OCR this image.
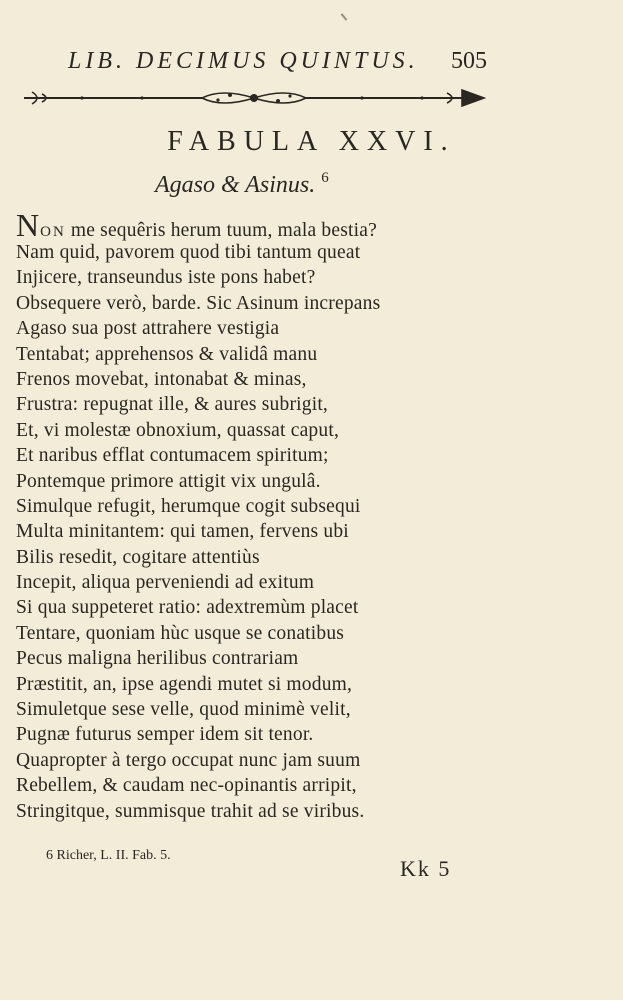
LIB. DECIMUS QUINTUS.	505
FABULA XXVI.
Agaso & Asinus. $^6$
NON me sequêris herum tuum, mala bestia?
Nam quid, pavorem quod tibi tantum queat
Injicere, transeundus iste pons habet?
Obsequere verò, barde. Sic Asinum increpans
Agaso sua post attrahere vestigia
Tentabat; apprehensos & validâ manu
Frenos movebat, intonabat & minas,
Frustra: repugnat ille, & aures subrigit,
Et, vi molestæ obnoxium, quassat caput,
Et naribus efflat contumacem spiritum;
Pontemque primore attigit vix ungulâ.
Simulque refugit, herumque cogit subsequi
Multa minitantem: qui tamen, fervens ubi
Bilis resedit, cogitare attentiùs
Incepit, aliqua perveniendi ad exitum
Si qua suppeteret ratio: adextremùm placet
Tentare, quoniam hùc usque se conatibus
Pecus maligna herilibus contrariam
Præstitit, an, ipse agendi mutet si modum,
Simuletque sese velle, quod minimè velit,
Pugnæ futurus semper idem sit tenor.
Quapropter à tergo occupat nunc jam suum
Rebellem, & caudam nec-opinantis arripit,
Stringitque, summisque trahit ad se viribus.
6 Richer, L. II. Fab. 5.
Kk 5
